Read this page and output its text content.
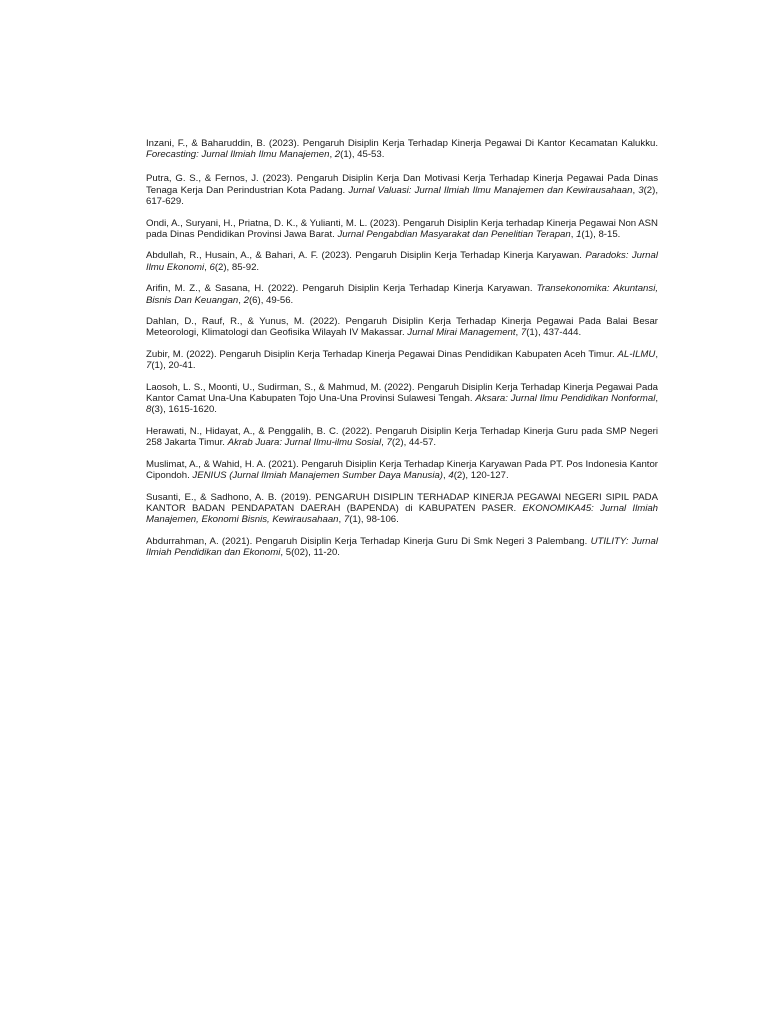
Inzani, F., & Baharuddin, B. (2023). Pengaruh Disiplin Kerja Terhadap Kinerja Pegawai Di Kantor Kecamatan Kalukku. Forecasting: Jurnal Ilmiah Ilmu Manajemen, 2(1), 45-53.

Putra, G. S., & Fernos, J. (2023). Pengaruh Disiplin Kerja Dan Motivasi Kerja Terhadap Kinerja Pegawai Pada Dinas Tenaga Kerja Dan Perindustrian Kota Padang. Jurnal Valuasi: Jurnal Ilmiah Ilmu Manajemen dan Kewirausahaan, 3(2), 617-629.

Ondi, A., Suryani, H., Priatna, D. K., & Yulianti, M. L. (2023). Pengaruh Disiplin Kerja terhadap Kinerja Pegawai Non ASN pada Dinas Pendidikan Provinsi Jawa Barat. Jurnal Pengabdian Masyarakat dan Penelitian Terapan, 1(1), 8-15.

Abdullah, R., Husain, A., & Bahari, A. F. (2023). Pengaruh Disiplin Kerja Terhadap Kinerja Karyawan. Paradoks: Jurnal Ilmu Ekonomi, 6(2), 85-92.

Arifin, M. Z., & Sasana, H. (2022). Pengaruh Disiplin Kerja Terhadap Kinerja Karyawan. Transekonomika: Akuntansi, Bisnis Dan Keuangan, 2(6), 49-56.

Dahlan, D., Rauf, R., & Yunus, M. (2022). Pengaruh Disiplin Kerja Terhadap Kinerja Pegawai Pada Balai Besar Meteorologi, Klimatologi dan Geofisika Wilayah IV Makassar. Jurnal Mirai Management, 7(1), 437-444.

Zubir, M. (2022). Pengaruh Disiplin Kerja Terhadap Kinerja Pegawai Dinas Pendidikan Kabupaten Aceh Timur. AL-ILMU, 7(1), 20-41.

Laosoh, L. S., Moonti, U., Sudirman, S., & Mahmud, M. (2022). Pengaruh Disiplin Kerja Terhadap Kinerja Pegawai Pada Kantor Camat Una-Una Kabupaten Tojo Una-Una Provinsi Sulawesi Tengah. Aksara: Jurnal Ilmu Pendidikan Nonformal, 8(3), 1615-1620.

Herawati, N., Hidayat, A., & Penggalih, B. C. (2022). Pengaruh Disiplin Kerja Terhadap Kinerja Guru pada SMP Negeri 258 Jakarta Timur. Akrab Juara: Jurnal Ilmu-ilmu Sosial, 7(2), 44-57.

Muslimat, A., & Wahid, H. A. (2021). Pengaruh Disiplin Kerja Terhadap Kinerja Karyawan Pada PT. Pos Indonesia Kantor Cipondoh. JENIUS (Jurnal Ilmiah Manajemen Sumber Daya Manusia), 4(2), 120-127.

Susanti, E., & Sadhono, A. B. (2019). PENGARUH DISIPLIN TERHADAP KINERJA PEGAWAI NEGERI SIPIL PADA KANTOR BADAN PENDAPATAN DAERAH (BAPENDA) di KABUPATEN PASER. EKONOMIKA45: Jurnal Ilmiah Manajemen, Ekonomi Bisnis, Kewirausahaan, 7(1), 98-106.

Abdurrahman, A. (2021). Pengaruh Disiplin Kerja Terhadap Kinerja Guru Di Smk Negeri 3 Palembang. UTILITY: Jurnal Ilmiah Pendidikan dan Ekonomi, 5(02), 11-20.
